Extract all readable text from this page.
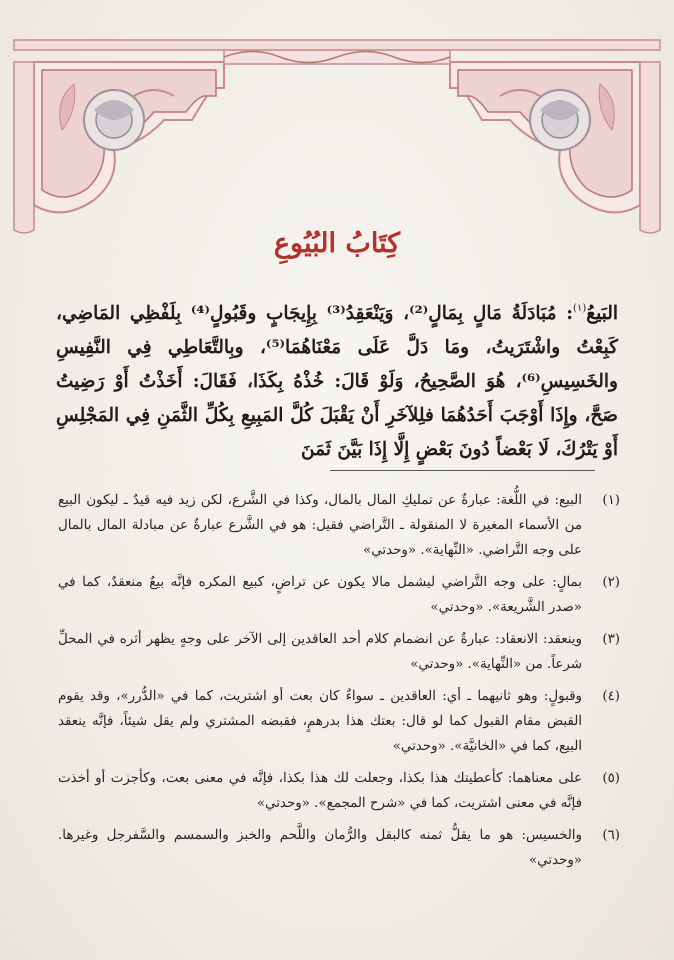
كِتَابُ البُيُوعِ

البَيعُ$^{(١)}$: مُبَادَلَةُ مَالٍ بِمَالٍ⁽²⁾، وَيَنْعَقِدُ⁽³⁾ بِإِيجَابٍ وقَبُولٍ⁽⁴⁾ بِلَفْظِي المَاضِي، كَبِعْتُ واشْتَرَيتُ، ومَا دَلَّ عَلَى مَعْنَاهُمَا⁽⁵⁾، وبِالتَّعَاطِي فِي النَّفِيسِ والخَسِيسِ⁽⁶⁾، هُوَ الصَّحِيحُ، وَلَوْ قَالَ: خُذْهُ بِكَذَا، فَقَالَ: أَخَذْتُ أَوْ رَضِيتُ صَحَّ، وإِذَا أَوْجَبَ أَحَدُهُمَا فلِلآخَرِ أَنْ يَقْبَلَ كُلَّ المَبِيعِ بِكُلِّ الثَّمَنِ فِي المَجْلِسِ أَوْ يَتْرُكَ، لَا بَعْضاً دُونَ بَعْضٍ إِلَّا إِذَا بَيَّنَ ثَمَنَ

(١)
البيع: في اللُّغة: عبارةٌ عن تمليكِ المال بالمال، وكذا في الشَّرع، لكن زيد فيه قيدٌ ـ ليكون البيع من الأسماء المغيرة لا المنقولة ـ التَّراضي فقيل: هو في الشَّرع عبارةٌ عن مبادلة المال بالمال على وجه التَّراضي. «النِّهاية». «وحدتي»
(٢)
بمالٍ: على وجه التَّراضي ليشمل مالا يكون عن تراضٍ، كبيع المكره فإنَّه بيعٌ منعقدٌ، كما في «صدر الشَّريعة». «وحدتي»
(٣)
وينعقد: الانعقاد: عبارةٌ عن انضمام كلام أحد العاقدين إلى الآخر على وجهٍ يظهر أثره في المحلِّ شرعاً. من «النِّهاية». «وحدتي»
(٤)
وقبولٍ: وهو ثانيهما ـ أي: العاقدين ـ سواءٌ كان بعت أو اشتريت، كما في «الدُّرر»، وقد يقوم القبض مقام القبول كما لو قال: بعتك هذا بدرهمٍ، فقبضه المشتري ولم يقل شيئاً، فإنَّه ينعقد البيع، كما في «الخانيَّة». «وحدتي»
(٥)
على معناهما: كأعطيتك هذا بكذا، وجعلت لك هذا بكذا، فإنَّه في معنى بعت، وكأجزت أو أخذت فإنَّه في معنى اشتريت، كما في «شرح المجمع». «وحدتي»
(٦)
والخسيس: هو ما يقلُّ ثمنه كالبقل والرُّمان واللَّحم والخبز والسمسم والسَّفرجل وغيرها. «وحدتي»
